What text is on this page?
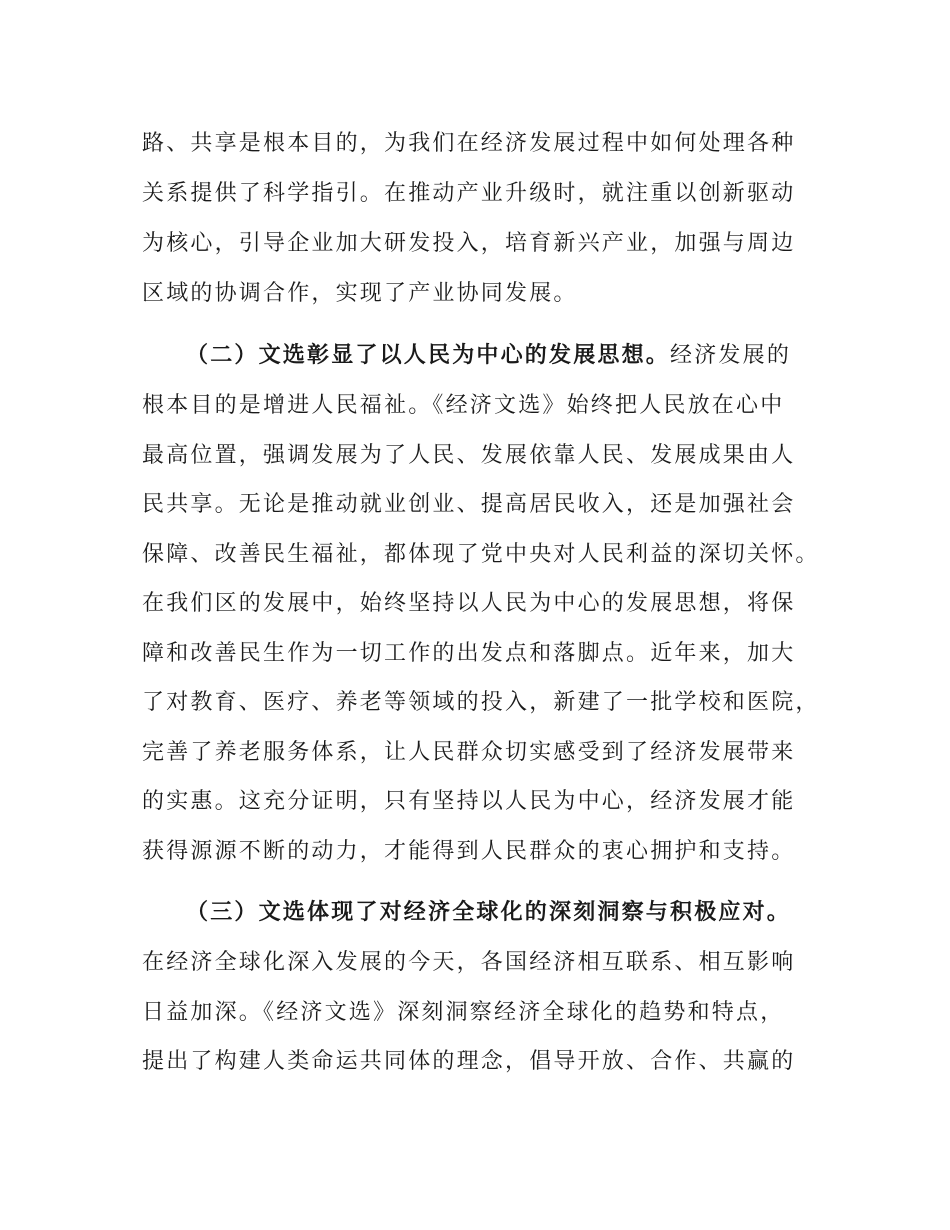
路、共享是根本目的，为我们在经济发展过程中如何处理各种
关系提供了科学指引。在推动产业升级时，就注重以创新驱动
为核心，引导企业加大研发投入，培育新兴产业，加强与周边
区域的协调合作，实现了产业协同发展。
（二）文选彰显了以人民为中心的发展思想。经济发展的
根本目的是增进人民福祉。《经济文选》始终把人民放在心中
最高位置，强调发展为了人民、发展依靠人民、发展成果由人
民共享。无论是推动就业创业、提高居民收入，还是加强社会
保障、改善民生福祉，都体现了党中央对人民利益的深切关怀。
在我们区的发展中，始终坚持以人民为中心的发展思想，将保
障和改善民生作为一切工作的出发点和落脚点。近年来，加大
了对教育、医疗、养老等领域的投入，新建了一批学校和医院，
完善了养老服务体系，让人民群众切实感受到了经济发展带来
的实惠。这充分证明，只有坚持以人民为中心，经济发展才能
获得源源不断的动力，才能得到人民群众的衷心拥护和支持。
（三）文选体现了对经济全球化的深刻洞察与积极应对。
在经济全球化深入发展的今天，各国经济相互联系、相互影响
日益加深。《经济文选》深刻洞察经济全球化的趋势和特点，
提出了构建人类命运共同体的理念，倡导开放、合作、共赢的
